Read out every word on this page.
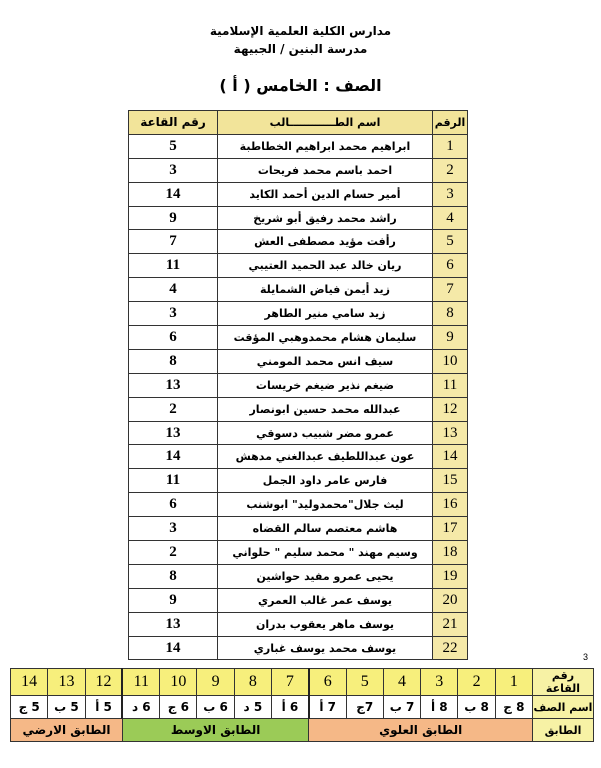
مدارس الكلية العلمية الإسلامية
مدرسة البنين / الجبيهة
الصف : الخامس ( أ )
الرقم	اسم الطــــــــــــالب	رقم القاعة
1	ابراهيم محمد ابراهيم الخطاطبة	5
2	احمد باسم محمد فريحات	3
3	أمير حسام الدين أحمد الكايد	14
4	راشد محمد رفيق أبو شريخ	9
5	رأفت مؤيد مصطفى العش	7
6	ريان خالد عبد الحميد العتيبي	11
7	زيد أيمن فياض الشمايلة	4
8	زيد سامي منير الطاهر	3
9	سليمان هشام محمدوهبي المؤقت	6
10	سيف انس محمد المومني	8
11	ضيغم نذير ضيغم خريسات	13
12	عبدالله محمد حسين ابونصار	2
13	عمرو مضر شبيب دسوقي	13
14	عون عبداللطيف عبدالغني مدهش	14
15	فارس عامر داود الجمل	11
16	ليث جلال"محمدوليد" ابوشنب	6
17	هاشم معتصم سالم القضاه	3
18	وسيم مهند " محمد سليم " حلواني	2
19	يحيى عمرو مفيد حواشين	8
20	يوسف عمر غالب العمري	9
21	يوسف ماهر يعقوب بدران	13
22	يوسف محمد يوسف غباري	14
3
رقم القاعة	1	2	3	4	5	6	7	8	9	10	11	12	13	14
اسم الصف	8 ج	8 ب	8 أ	7 ب	7ج	7 أ	6 أ	5 د	6 ب	6 ج	6 د	5 أ	5 ب	5 ج
الطابق	الطابق العلوي						الطابق الاوسط					الطابق الارضي		
